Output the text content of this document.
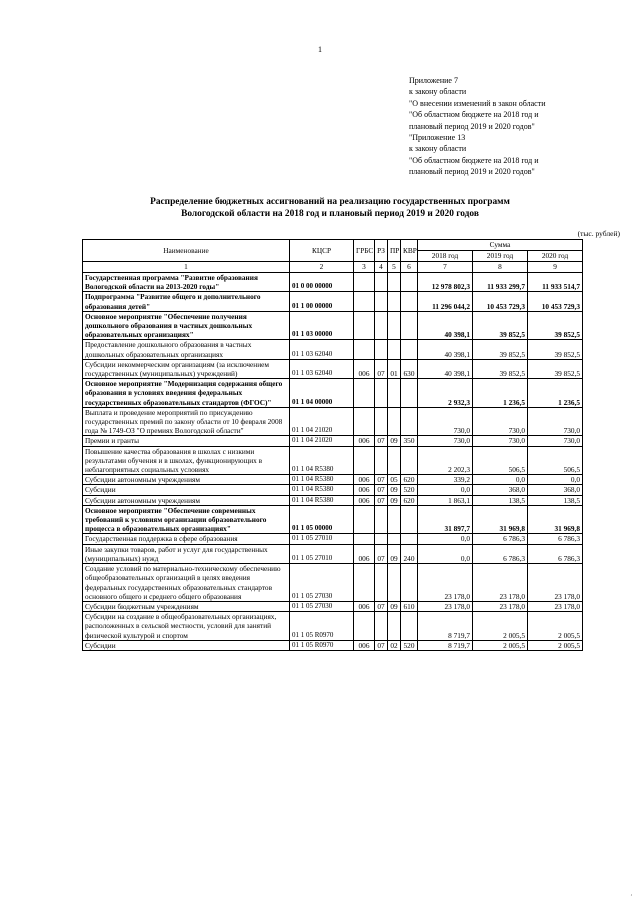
1
Приложение 7
к закону области
"О внесении изменений в закон области
"Об областном бюджете на 2018 год и
плановый период 2019 и 2020 годов"
"Приложение 13
к закону области
"Об областном бюджете на 2018 год и
плановый период 2019 и 2020 годов"
Распределение бюджетных ассигнований на реализацию государственных программ
Вологодской области на 2018 год и плановый период 2019 и 2020 годов
(тыс. рублей)
Наименование	КЦСР	ГРБС	РЗ	ПР	КВР	Сумма		
						2018 год	2019 год	2020 год
1	2	3	4	5	6	7	8	9
Государственная программа "Развитие образования Вологодской области на 2013-2020 годы"	01 0 00 00000					12 978 802,3	11 933 299,7	11 933 514,7
Подпрограмма "Развитие общего и дополнительного образования детей"	01 1 00 00000					11 296 044,2	10 453 729,3	10 453 729,3
Основное мероприятие "Обеспечение получения дошкольного образования в частных дошкольных образовательных организациях"	01 1 03 00000					40 398,1	39 852,5	39 852,5
Предоставление дошкольного образования в частных дошкольных образовательных организациях	01 1 03 62040					40 398,1	39 852,5	39 852,5
Субсидии некоммерческим организациям (за исключением государственных (муниципальных) учреждений)	01 1 03 62040	006	07	01	630	40 398,1	39 852,5	39 852,5
Основное мероприятие "Модернизация содержания общего образования в условиях введения федеральных государственных образовательных стандартов (ФГОС)"	01 1 04 00000					2 932,3	1 236,5	1 236,5
Выплата и проведение мероприятий по присуждению государственных премий по закону области от 10 февраля 2008 года № 1749-ОЗ "О премиях Вологодской области"	01 1 04 21020					730,0	730,0	730,0
Премии и гранты	01 1 04 21020	006	07	09	350	730,0	730,0	730,0
Повышение качества образования в школах с низкими результатами обучения и в школах, функционирующих в неблагоприятных социальных условиях	01 1 04 R5380					2 202,3	506,5	506,5
Субсидии автономным учреждениям	01 1 04 R5380	006	07	05	620	339,2	0,0	0,0
Субсидии	01 1 04 R5380	006	07	09	520	0,0	368,0	368,0
Субсидии автономным учреждениям	01 1 04 R5380	006	07	09	620	1 863,1	138,5	138,5
Основное мероприятие "Обеспечение современных требований к условиям организации образовательного процесса в образовательных организациях"	01 1 05 00000					31 897,7	31 969,8	31 969,8
Государственная поддержка в сфере образования	01 1 05 27010					0,0	6 786,3	6 786,3
Иные закупки товаров, работ и услуг для государственных (муниципальных) нужд	01 1 05 27010	006	07	09	240	0,0	6 786,3	6 786,3
Создание условий по материально-техническому обеспечению общеобразовательных организаций в целях введения федеральных государственных образовательных стандартов основного общего и среднего общего образования	01 1 05 27030					23 178,0	23 178,0	23 178,0
Субсидии бюджетным учреждениям	01 1 05 27030	006	07	09	610	23 178,0	23 178,0	23 178,0
Субсидии на создание в общеобразовательных организациях, расположенных в сельской местности, условий для занятий физической культурой и спортом	01 1 05 R0970					8 719,7	2 005,5	2 005,5
Субсидии	01 1 05 R0970	006	07	02	520	8 719,7	2 005,5	2 005,5
,
